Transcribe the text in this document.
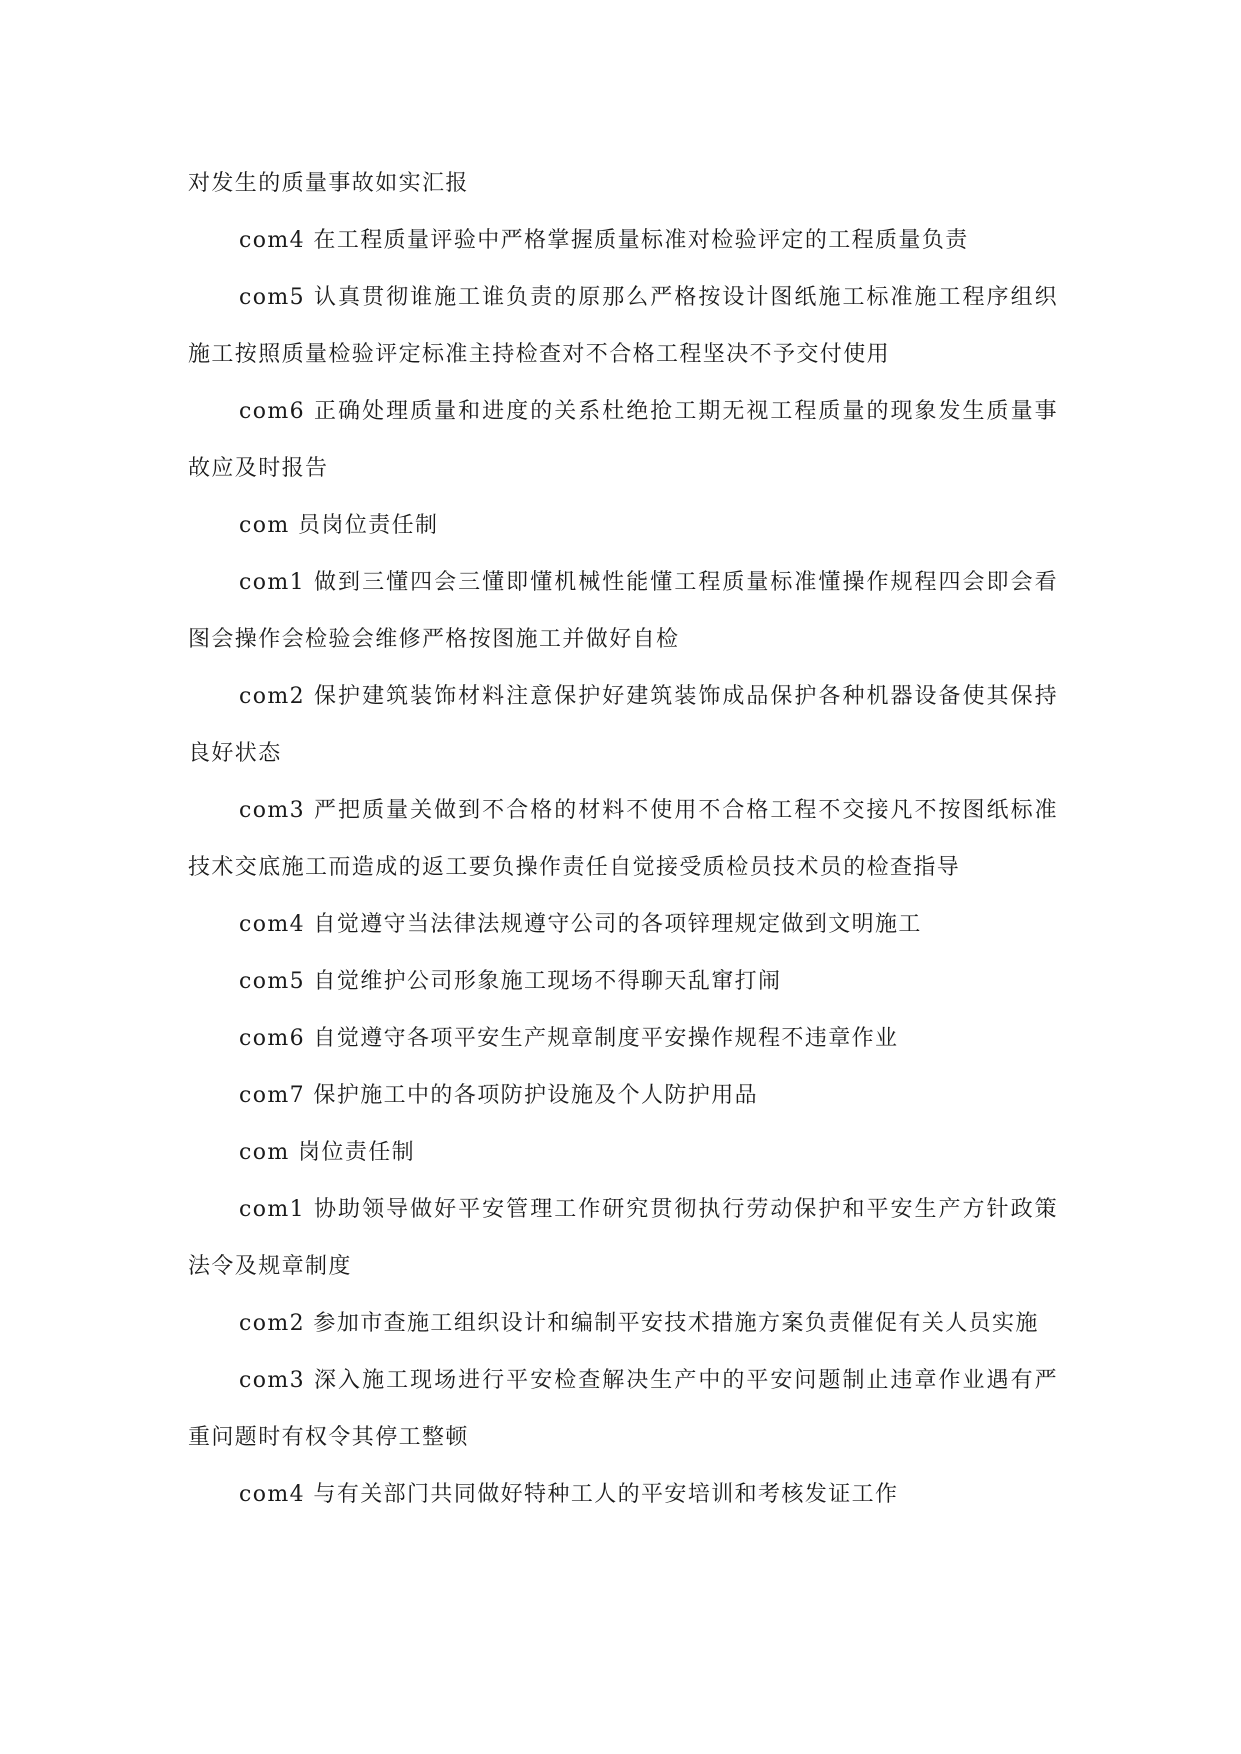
对发生的质量事故如实汇报

com4 在工程质量评验中严格掌握质量标准对检验评定的工程质量负责

com5 认真贯彻谁施工谁负责的原那么严格按设计图纸施工标准施工程序组织施工按照质量检验评定标准主持检查对不合格工程坚决不予交付使用

com6 正确处理质量和进度的关系杜绝抢工期无视工程质量的现象发生质量事故应及时报告

com 员岗位责任制

com1 做到三懂四会三懂即懂机械性能懂工程质量标准懂操作规程四会即会看图会操作会检验会维修严格按图施工并做好自检

com2 保护建筑装饰材料注意保护好建筑装饰成品保护各种机器设备使其保持良好状态

com3 严把质量关做到不合格的材料不使用不合格工程不交接凡不按图纸标准技术交底施工而造成的返工要负操作责任自觉接受质检员技术员的检查指导

com4 自觉遵守当法律法规遵守公司的各项锌理规定做到文明施工

com5 自觉维护公司形象施工现场不得聊天乱窜打闹

com6 自觉遵守各项平安生产规章制度平安操作规程不违章作业

com7 保护施工中的各项防护设施及个人防护用品

com 岗位责任制

com1 协助领导做好平安管理工作研究贯彻执行劳动保护和平安生产方针政策法令及规章制度

com2 参加市查施工组织设计和编制平安技术措施方案负责催促有关人员实施

com3 深入施工现场进行平安检查解决生产中的平安问题制止违章作业遇有严重问题时有权令其停工整顿

com4 与有关部门共同做好特种工人的平安培训和考核发证工作
